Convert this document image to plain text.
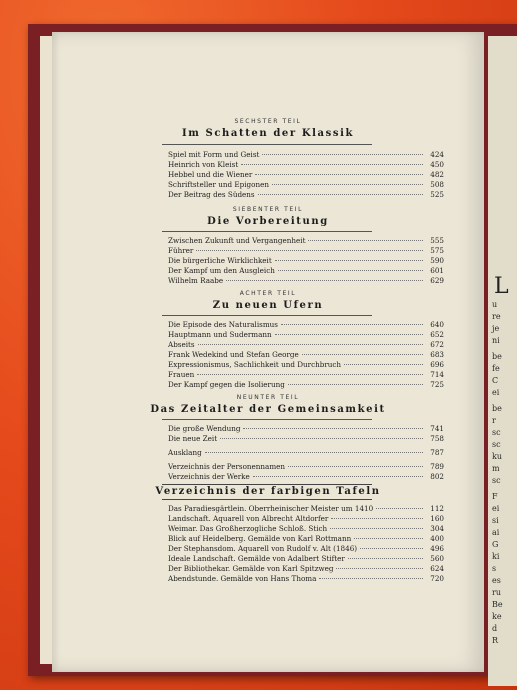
L
u
re
je
ni
be
fe
C
ei
be
r
sc
sc
ku
m
sc
F
ei
si
ai
G
ki
s
es
ru
Be
ke
d
R
SECHSTER TEIL
Im Schatten der Klassik
Spiel mit Form und Geist	424
Heinrich von Kleist	450
Hebbel und die Wiener	482
Schriftsteller und Epigonen	508
Der Beitrag des Südens	525
SIEBENTER TEIL
Die Vorbereitung
Zwischen Zukunft und Vergangenheit	555
Führer	575
Die bürgerliche Wirklichkeit	590
Der Kampf um den Ausgleich	601
Wilhelm Raabe	629
ACHTER TEIL
Zu neuen Ufern
Die Episode des Naturalismus	640
Hauptmann und Sudermann	652
Abseits	672
Frank Wedekind und Stefan George	683
Expressionismus, Sachlichkeit und Durchbruch	696
Frauen	714
Der Kampf gegen die Isolierung	725
NEUNTER TEIL
Das Zeitalter der Gemeinsamkeit
Die große Wendung	741
Die neue Zeit	758
Ausklang	787
Verzeichnis der Personennamen	789
Verzeichnis der Werke	802
Verzeichnis der farbigen Tafeln
Das Paradiesgärtlein. Oberrheinischer Meister um 1410	112
Landschaft. Aquarell von Albrecht Altdorfer	160
Weimar. Das Großherzogliche Schloß. Stich	304
Blick auf Heidelberg. Gemälde von Karl Rottmann	400
Der Stephansdom. Aquarell von Rudolf v. Alt (1846)	496
Ideale Landschaft. Gemälde von Adalbert Stifter	560
Der Bibliothekar. Gemälde von Karl Spitzweg	624
Abendstunde. Gemälde von Hans Thoma	720
